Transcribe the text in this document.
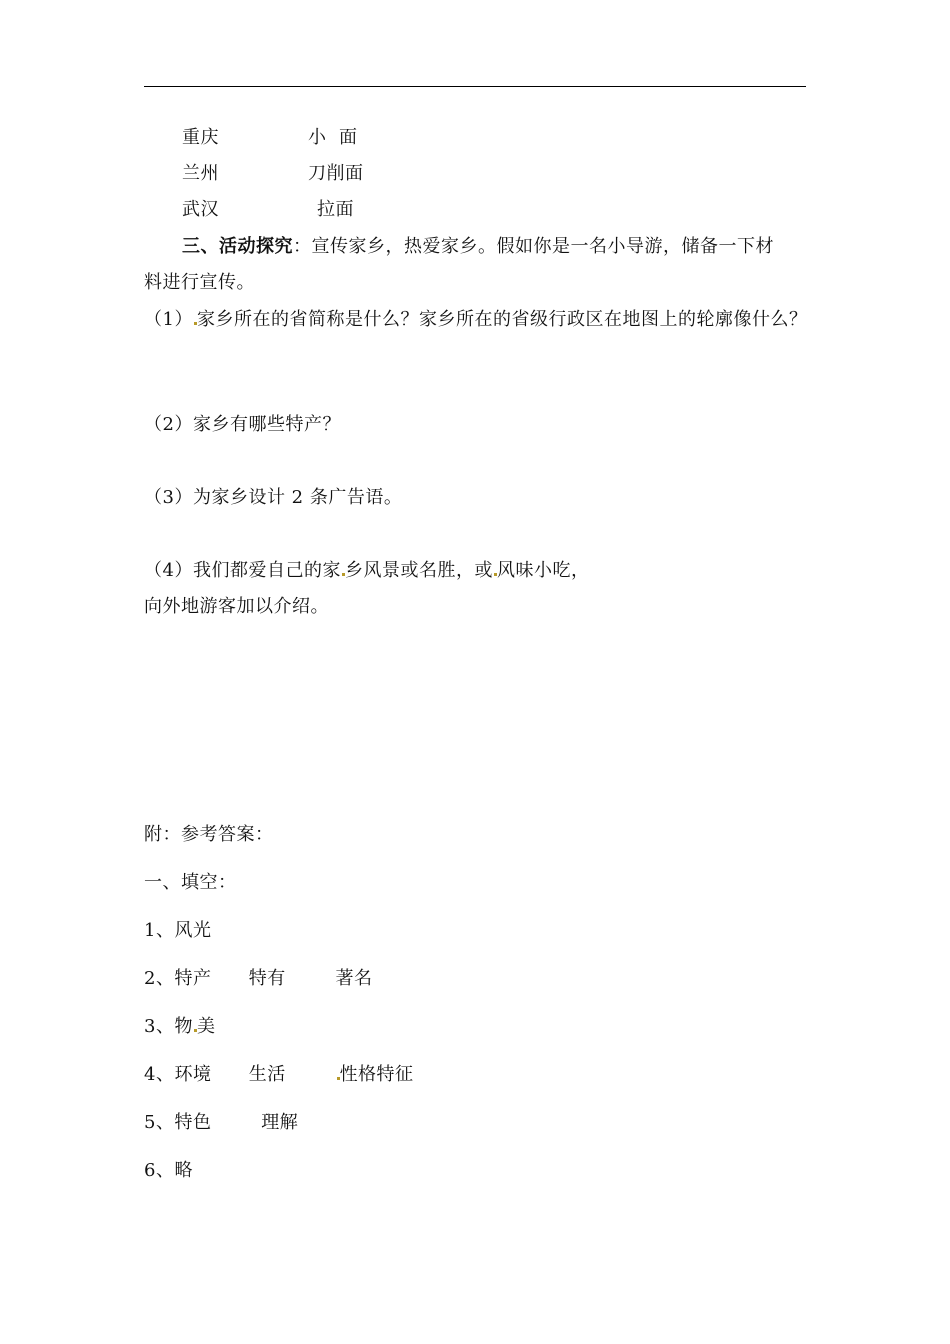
重庆	小  面
兰州	刀削面
武汉	拉面
三、活动探究：宣传家乡，热爱家乡。假如你是一名小导游，储备一下材
料进行宣传。
（1） 家乡所在的省简称是什么？家乡所在的省级行政区在地图上的轮廓像什么？
（2）家乡有哪些特产？
（3）为家乡设计 2 条广告语。
（4）我们都爱自己的家 乡风景或名胜，或 风味小吃，
向外地游客加以介绍。
附：参考答案：
一、填空：
1、风光
2、特产      特有        著名
3、物 美
4、环境      生活        性格特征
5、特色        理解
6、略
